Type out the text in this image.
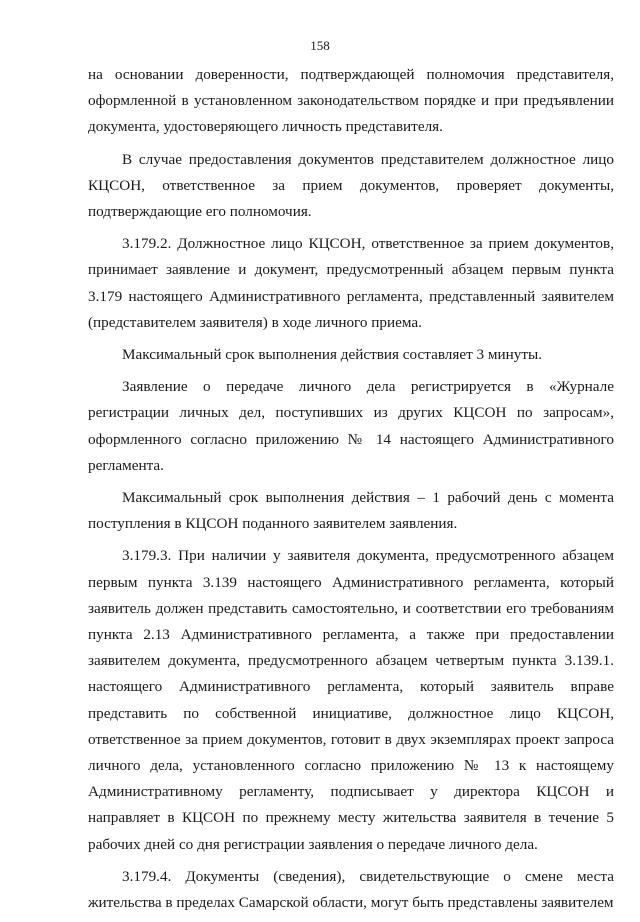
158

на основании доверенности, подтверждающей полномочия представителя, оформленной в установленном законодательством порядке и при предъявлении документа, удостоверяющего личность представителя.

В случае предоставления документов представителем должностное лицо КЦСОН, ответственное за прием документов, проверяет документы, подтверждающие его полномочия.

3.179.2. Должностное лицо КЦСОН, ответственное за прием документов, принимает заявление и документ, предусмотренный абзацем первым пункта 3.179 настоящего Административного регламента, представленный заявителем (представителем заявителя) в ходе личного приема.

Максимальный срок выполнения действия составляет 3 минуты.

Заявление о передаче личного дела регистрируется в «Журнале регистрации личных дел, поступивших из других КЦСОН по запросам», оформленного согласно приложению № 14 настоящего Административного регламента.

Максимальный срок выполнения действия – 1 рабочий день с момента поступления в КЦСОН поданного заявителем заявления.

3.179.3. При наличии у заявителя документа, предусмотренного абзацем первым пункта 3.139 настоящего Административного регламента, который заявитель должен представить самостоятельно, и соответствии его требованиям пункта 2.13 Административного регламента, а также при предоставлении заявителем документа, предусмотренного абзацем четвертым пункта 3.139.1. настоящего Административного регламента, который заявитель вправе представить по собственной инициативе, должностное лицо КЦСОН, ответственное за прием документов, готовит в двух экземплярах проект запроса личного дела, установленного согласно приложению № 13 к настоящему Административному регламенту, подписывает у директора КЦСОН и направляет в КЦСОН по прежнему месту жительства заявителя в течение 5 рабочих дней со дня регистрации заявления о передаче личного дела.

3.179.4. Документы (сведения), свидетельствующие о смене места жительства в пределах Самарской области, могут быть представлены заявителем
